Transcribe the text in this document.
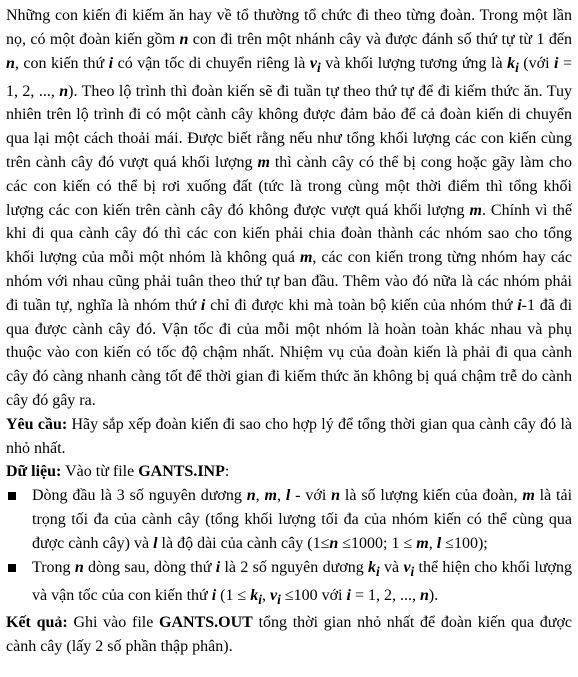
Những con kiến đi kiếm ăn hay về tổ thường tổ chức đi theo từng đoàn. Trong một lần nọ, có một đoàn kiến gồm n con đi trên một nhánh cây và được đánh số thứ tự từ 1 đến n, con kiến thứ i có vận tốc di chuyển riêng là $v_i$ và khối lượng tương ứng là $k_i$ (với i = 1, 2, ..., n). Theo lộ trình thì đoàn kiến sẽ đi tuần tự theo thứ tự để đi kiếm thức ăn. Tuy nhiên trên lộ trình đi có một cành cây không được đảm bảo để cả đoàn kiến di chuyển qua lại một cách thoải mái. Được biết rằng nếu như tổng khối lượng các con kiến cùng trên cành cây đó vượt quá khối lượng m thì cành cây có thể bị cong hoặc gãy làm cho các con kiến có thể bị rơi xuống đất (tức là trong cùng một thời điểm thì tổng khối lượng các con kiến trên cành cây đó không được vượt quá khối lượng m. Chính vì thế khi đi qua cành cây đó thì các con kiến phải chia đoàn thành các nhóm sao cho tổng khối lượng của mỗi một nhóm là không quá m, các con kiến trong từng nhóm hay các nhóm với nhau cũng phải tuân theo thứ tự ban đầu. Thêm vào đó nữa là các nhóm phải đi tuần tự, nghĩa là nhóm thứ i chỉ đi được khi mà toàn bộ kiến của nhóm thứ i-1 đã đi qua được cành cây đó. Vận tốc đi của mỗi một nhóm là hoàn toàn khác nhau và phụ thuộc vào con kiến có tốc độ chậm nhất. Nhiệm vụ của đoàn kiến là phải đi qua cành cây đó càng nhanh càng tốt để thời gian đi kiếm thức ăn không bị quá chậm trễ do cành cây đó gây ra.

Yêu cầu: Hãy sắp xếp đoàn kiến đi sao cho hợp lý để tổng thời gian qua cành cây đó là nhỏ nhất.

Dữ liệu: Vào từ file GANTS.INP:

Dòng đầu là 3 số nguyên dương n, m, l - với n là số lượng kiến của đoàn, m là tải trọng tối đa của cành cây (tổng khối lượng tối đa của nhóm kiến có thể cùng qua được cành cây) và l là độ dài của cành cây (1≤n ≤1000; 1 ≤ m, l ≤100);
Trong n dòng sau, dòng thứ i là 2 số nguyên dương $k_i$ và $v_i$ thể hiện cho khối lượng và vận tốc của con kiến thứ i ($1 \le k_i$, $v_i \le 100$ với i = 1, 2, ..., n).

Kết quả: Ghi vào file GANTS.OUT tổng thời gian nhỏ nhất để đoàn kiến qua được cành cây (lấy 2 số phần thập phân).
